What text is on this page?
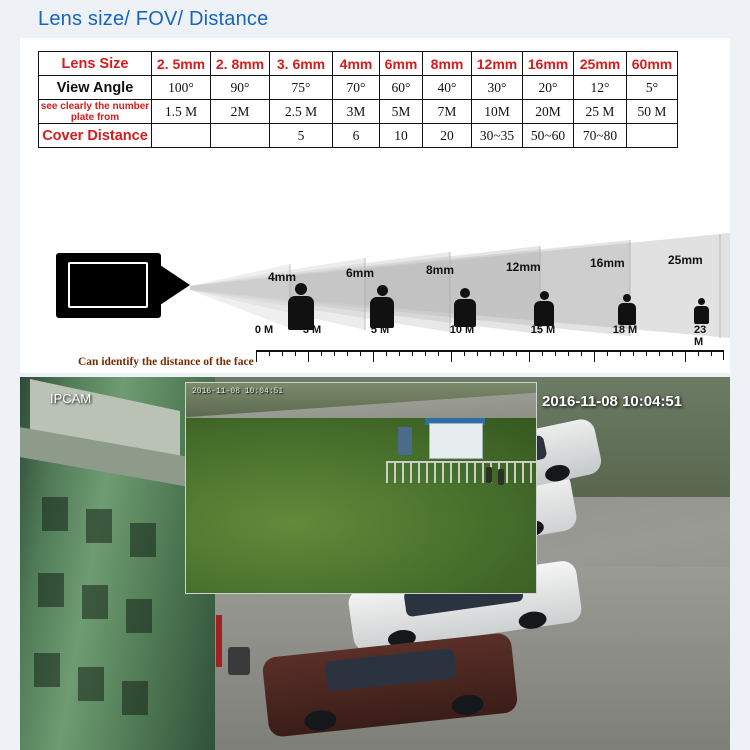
Lens size/ FOV/ Distance
Lens Size	2. 5mm	2. 8mm	3. 6mm	4mm	6mm	8mm	12mm	16mm	25mm	60mm
View Angle	100°	90°	75°	70°	60°	40°	30°	20°	12°	5°
see clearly the number plate from	1.5 M	2M	2.5 M	3M	5M	7M	10M	20M	25 M	50 M
Cover Distance			5	6	10	20	30~35	50~60	70~80	
4mm	6mm	8mm	12mm	16mm	25mm
Can identify the distance of the face
0 M	3 M	5 M	10 M	15 M	18 M	23 M
IPCAM	2016-11-08 10:04:51
2016-11-08 10:04:51
